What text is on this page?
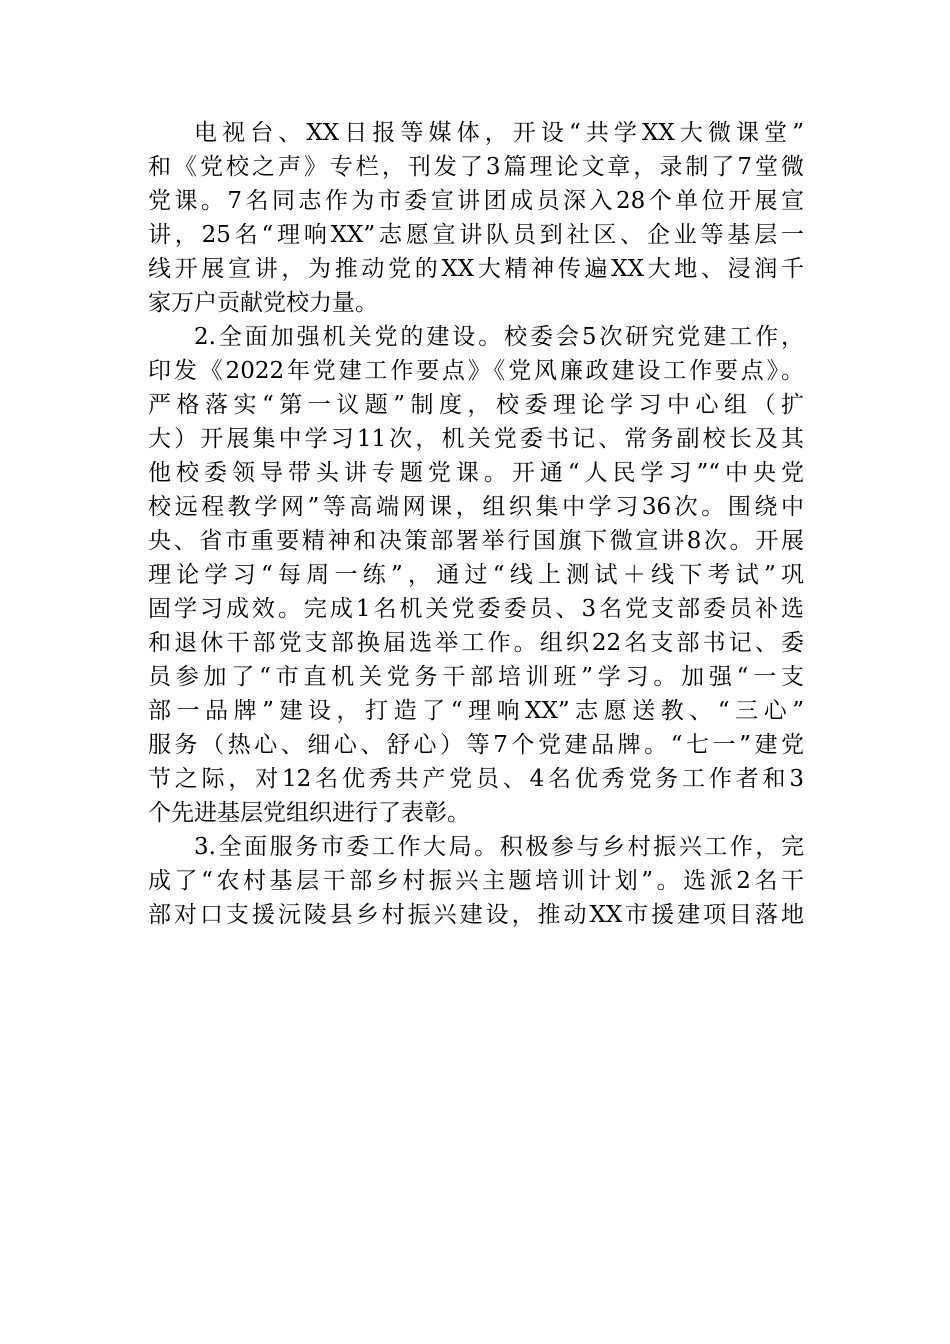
电视台、XX日报等媒体，开设“共学XX大微课堂”

和《党校之声》专栏，刊发了3篇理论文章，录制了7堂微

党课。7名同志作为市委宣讲团成员深入28个单位开展宣

讲，25名“理响XX”志愿宣讲队员到社区、企业等基层一

线开展宣讲，为推动党的XX大精神传遍XX大地、浸润千

家万户贡献党校力量。

2.全面加强机关党的建设。校委会5次研究党建工作，

印发《2022年党建工作要点》《党风廉政建设工作要点》。

严格落实“第一议题”制度，校委理论学习中心组（扩

大）开展集中学习11次，机关党委书记、常务副校长及其

他校委领导带头讲专题党课。开通“人民学习”“中央党

校远程教学网”等高端网课，组织集中学习36次。围绕中

央、省市重要精神和决策部署举行国旗下微宣讲8次。开展

理论学习“每周一练”，通过“线上测试＋线下考试”巩

固学习成效。完成1名机关党委委员、3名党支部委员补选

和退休干部党支部换届选举工作。组织22名支部书记、委

员参加了“市直机关党务干部培训班”学习。加强“一支

部一品牌”建设，打造了“理响XX”志愿送教、“三心”

服务（热心、细心、舒心）等7个党建品牌。“七一”建党

节之际，对12名优秀共产党员、4名优秀党务工作者和3

个先进基层党组织进行了表彰。

3.全面服务市委工作大局。积极参与乡村振兴工作，完

成了“农村基层干部乡村振兴主题培训计划”。选派2名干

部对口支援沅陵县乡村振兴建设，推动XX市援建项目落地
